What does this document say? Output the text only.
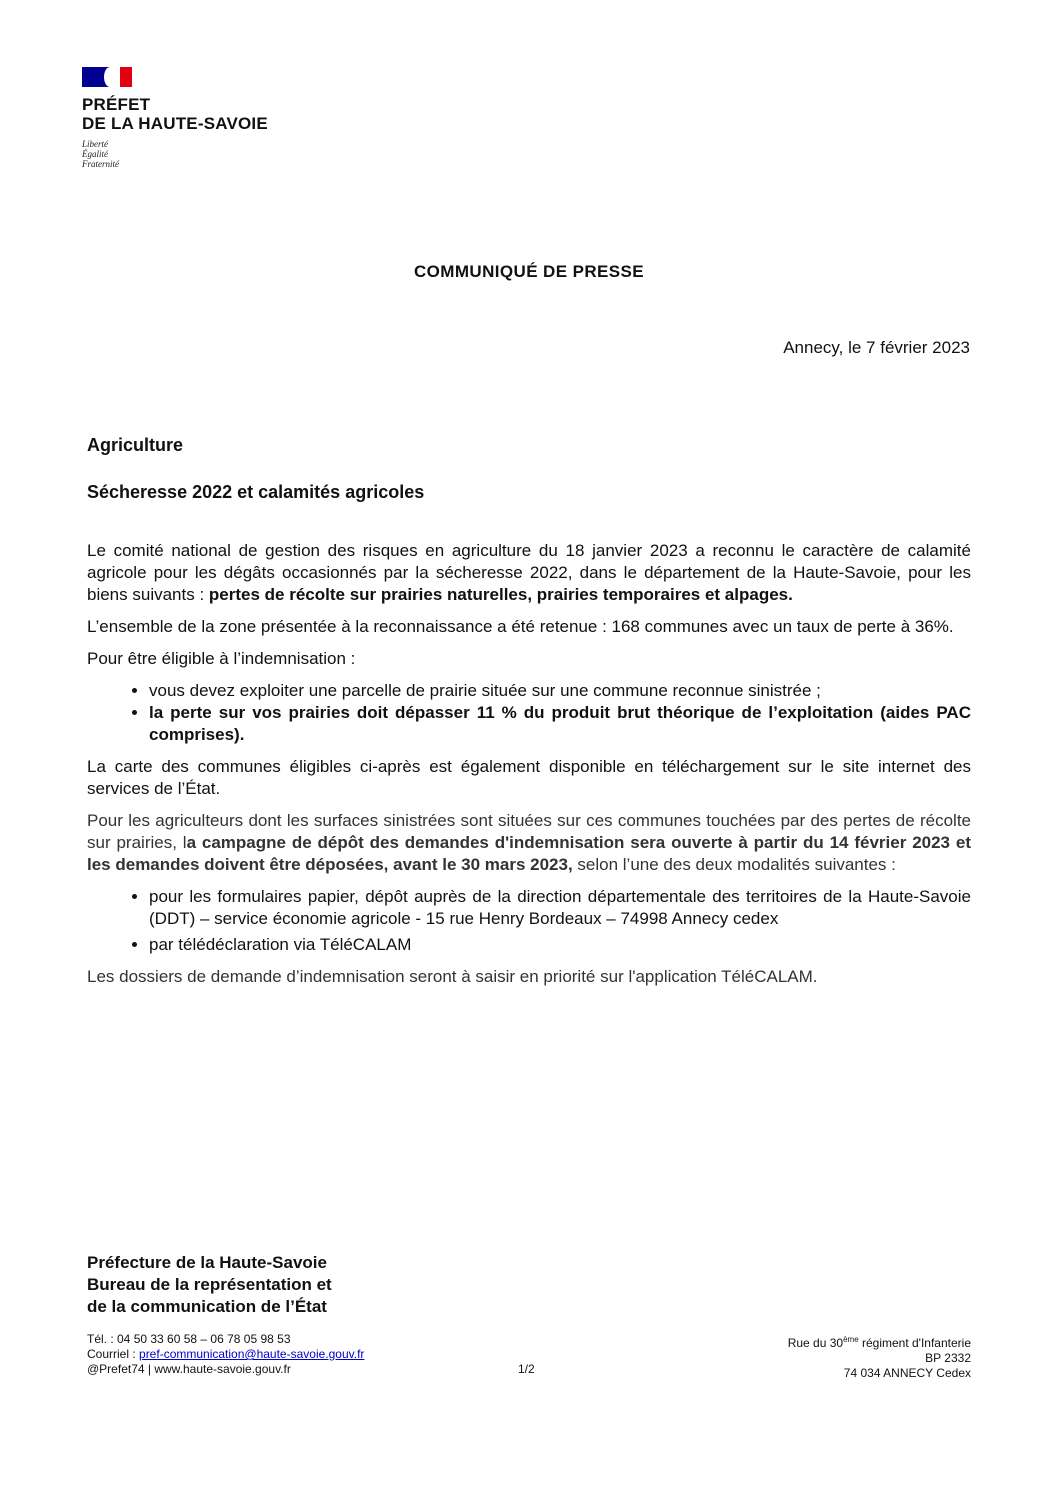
PRÉFET

DE LA HAUTE-SAVOIE

Liberté
Égalité
Fraternité
COMMUNIQUÉ DE PRESSE
Annecy, le 7 février 2023

Agriculture

Sécheresse 2022 et calamités agricoles

Le comité national de gestion des risques en agriculture du 18 janvier 2023 a reconnu le caractère de calamité agricole pour les dégâts occasionnés par la sécheresse 2022, dans le département de la Haute-Savoie, pour les biens suivants : pertes de récolte sur prairies naturelles, prairies temporaires et alpages.

L’ensemble de la zone présentée à la reconnaissance a été retenue : 168 communes avec un taux de perte à 36%.

Pour être éligible à l’indemnisation :

• vous devez exploiter une parcelle de prairie située sur une commune reconnue sinistrée ;
• la perte sur vos prairies doit dépasser 11 % du produit brut théorique de l’exploitation (aides PAC comprises).

La carte des communes éligibles ci-après est également disponible en téléchargement sur le site internet des services de l’État.

Pour les agriculteurs dont les surfaces sinistrées sont situées sur ces communes touchées par des pertes de récolte sur prairies, la campagne de dépôt des demandes d'indemnisation sera ouverte à partir du 14 février 2023 et les demandes doivent être déposées, avant le 30 mars 2023, selon l’une des deux modalités suivantes :

• pour les formulaires papier, dépôt auprès de la direction départementale des territoires de la Haute-Savoie (DDT) – service économie agricole - 15 rue Henry Bordeaux – 74998 Annecy cedex
• par télédéclaration via TéléCALAM

Les dossiers de demande d’indemnisation seront à saisir en priorité sur l'application TéléCALAM.

Préfecture de la Haute-Savoie
Bureau de la représentation et
de la communication de l’État
Tél. : 04 50 33 60 58 – 06 78 05 98 53
Courriel : pref-communication@haute-savoie.gouv.fr
@Prefet74 | www.haute-savoie.gouv.fr	1/2
Rue du 30ème régiment d'Infanterie
BP 2332
74 034 ANNECY Cedex
